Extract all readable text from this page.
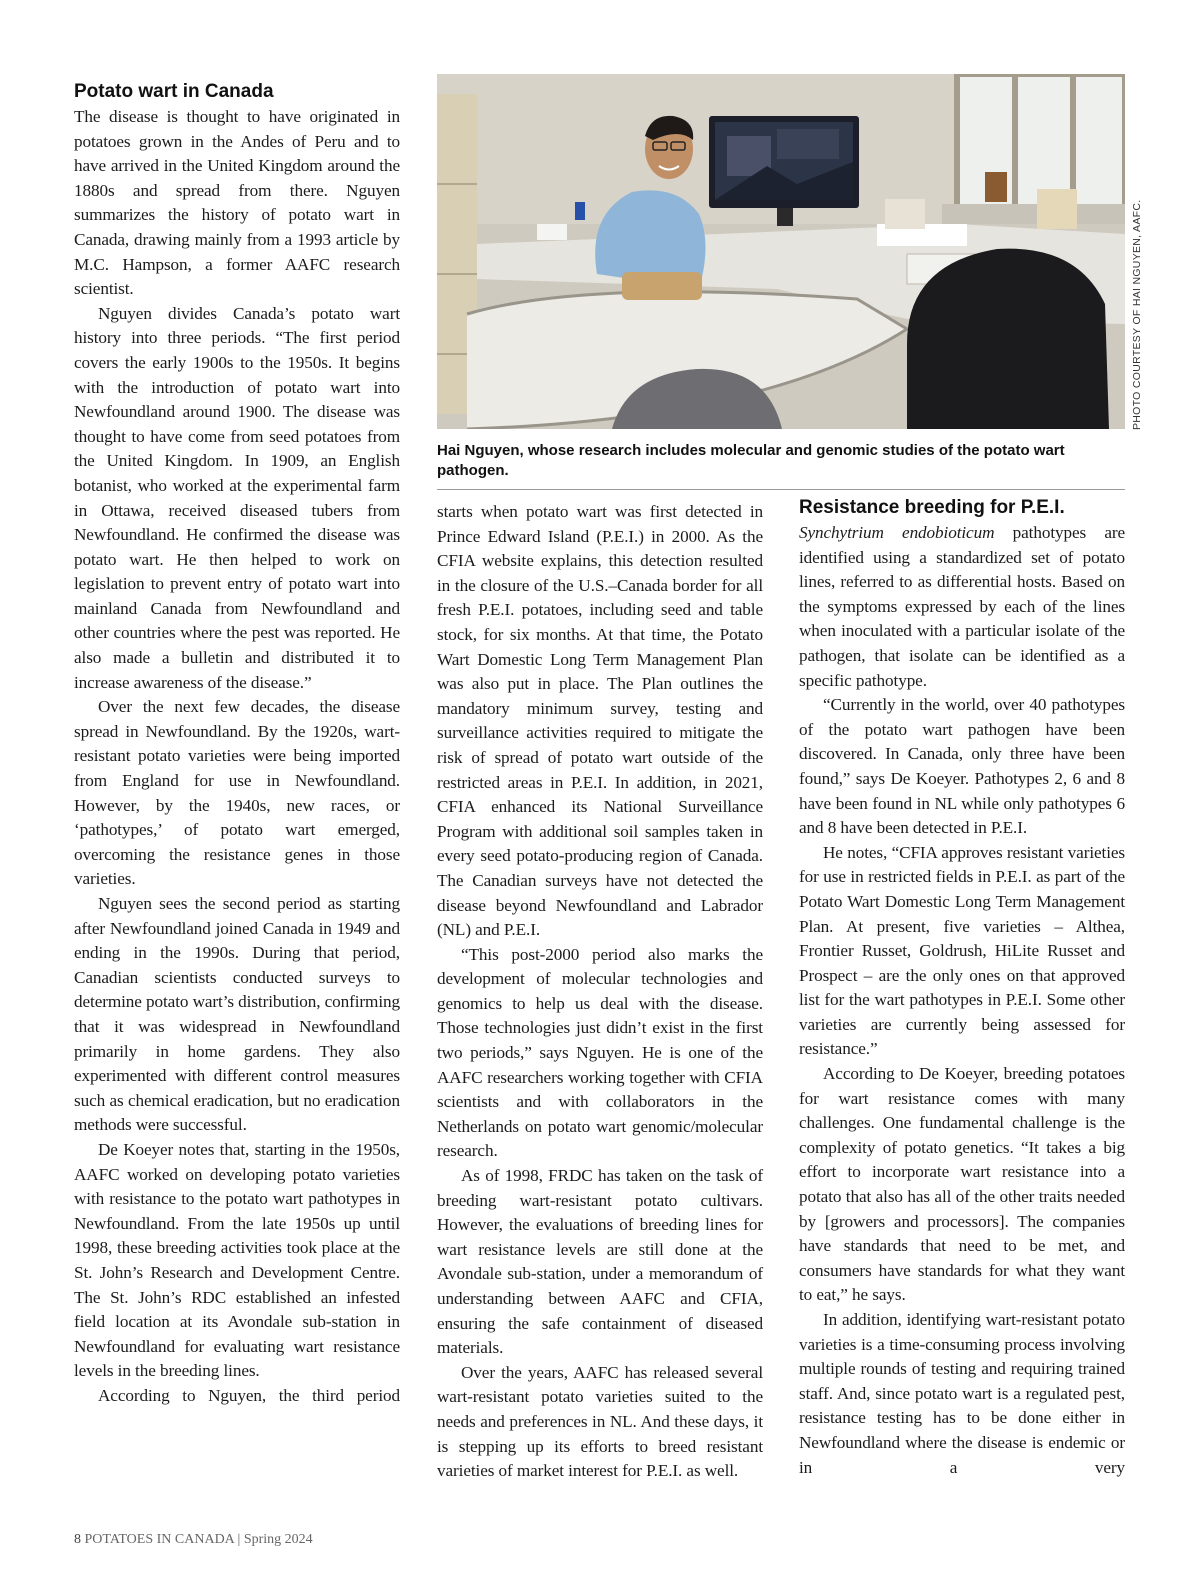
PHOTO COURTESY OF HAI NGUYEN, AAFC.
Hai Nguyen, whose research includes molecular and genomic studies of the potato wart pathogen.
Potato wart in Canada

The disease is thought to have originated in potatoes grown in the Andes of Peru and to have arrived in the United Kingdom around the 1880s and spread from there. Nguyen summarizes the history of potato wart in Canada, drawing mainly from a 1993 article by M.C. Hampson, a former AAFC research scientist.

Nguyen divides Canada’s potato wart history into three periods. “The first period covers the early 1900s to the 1950s. It begins with the introduction of potato wart into Newfoundland around 1900. The disease was thought to have come from seed potatoes from the United Kingdom. In 1909, an English botanist, who worked at the experimental farm in Ottawa, received diseased tubers from Newfoundland. He confirmed the disease was potato wart. He then helped to work on legislation to prevent entry of potato wart into mainland Canada from Newfoundland and other countries where the pest was reported. He also made a bulletin and distributed it to increase awareness of the disease.”

Over the next few decades, the disease spread in Newfoundland. By the 1920s, wart-resistant potato varieties were being imported from England for use in Newfoundland. However, by the 1940s, new races, or ‘pathotypes,’ of potato wart emerged, overcoming the resistance genes in those varieties.

Nguyen sees the second period as starting after Newfoundland joined Canada in 1949 and ending in the 1990s. During that period, Canadian scientists conducted surveys to determine potato wart’s distribution, confirming that it was widespread in Newfoundland primarily in home gardens. They also experimented with different control measures such as chemical eradication, but no eradication methods were successful.

De Koeyer notes that, starting in the 1950s, AAFC worked on developing potato varieties with resistance to the potato wart pathotypes in Newfoundland. From the late 1950s up until 1998, these breeding activities took place at the St. John’s Research and Development Centre. The St. John’s RDC established an infested field location at its Avondale sub-station in Newfoundland for evaluating wart resistance levels in the breeding lines.

According to Nguyen, the third period

starts when potato wart was first detected in Prince Edward Island (P.E.I.) in 2000. As the CFIA website explains, this detection resulted in the closure of the U.S.–Canada border for all fresh P.E.I. potatoes, including seed and table stock, for six months. At that time, the Potato Wart Domestic Long Term Management Plan was also put in place. The Plan outlines the mandatory minimum survey, testing and surveillance activities required to mitigate the risk of spread of potato wart outside of the restricted areas in P.E.I. In addition, in 2021, CFIA enhanced its National Surveillance Program with additional soil samples taken in every seed potato-producing region of Canada. The Canadian surveys have not detected the disease beyond Newfoundland and Labrador (NL) and P.E.I.

“This post-2000 period also marks the development of molecular technologies and genomics to help us deal with the disease. Those technologies just didn’t exist in the first two periods,” says Nguyen. He is one of the AAFC researchers working together with CFIA scientists and with collaborators in the Netherlands on potato wart genomic/molecular research.

As of 1998, FRDC has taken on the task of breeding wart-resistant potato cultivars. However, the evaluations of breeding lines for wart resistance levels are still done at the Avondale sub-station, under a memorandum of understanding between AAFC and CFIA, ensuring the safe containment of diseased materials.

Over the years, AAFC has released several wart-resistant potato varieties suited to the needs and preferences in NL. And these days, it is stepping up its efforts to breed resistant varieties of market interest for P.E.I. as well.

Resistance breeding for P.E.I.

Synchytrium endobioticum pathotypes are identified using a standardized set of potato lines, referred to as differential hosts. Based on the symptoms expressed by each of the lines when inoculated with a particular isolate of the pathogen, that isolate can be identified as a specific pathotype.

“Currently in the world, over 40 pathotypes of the potato wart pathogen have been discovered. In Canada, only three have been found,” says De Koeyer. Pathotypes 2, 6 and 8 have been found in NL while only pathotypes 6 and 8 have been detected in P.E.I.

He notes, “CFIA approves resistant varieties for use in restricted fields in P.E.I. as part of the Potato Wart Domestic Long Term Management Plan. At present, five varieties – Althea, Frontier Russet, Goldrush, HiLite Russet and Prospect – are the only ones on that approved list for the wart pathotypes in P.E.I. Some other varieties are currently being assessed for resistance.”

According to De Koeyer, breeding potatoes for wart resistance comes with many challenges. One fundamental challenge is the complexity of potato genetics. “It takes a big effort to incorporate wart resistance into a potato that also has all of the other traits needed by [growers and processors]. The companies have standards that need to be met, and consumers have standards for what they want to eat,” he says.

In addition, identifying wart-resistant potato varieties is a time-consuming process involving multiple rounds of testing and requiring trained staff. And, since potato wart is a regulated pest, resistance testing has to be done either in Newfoundland where the disease is endemic or in a very

8 POTATOES IN CANADA | Spring 2024
